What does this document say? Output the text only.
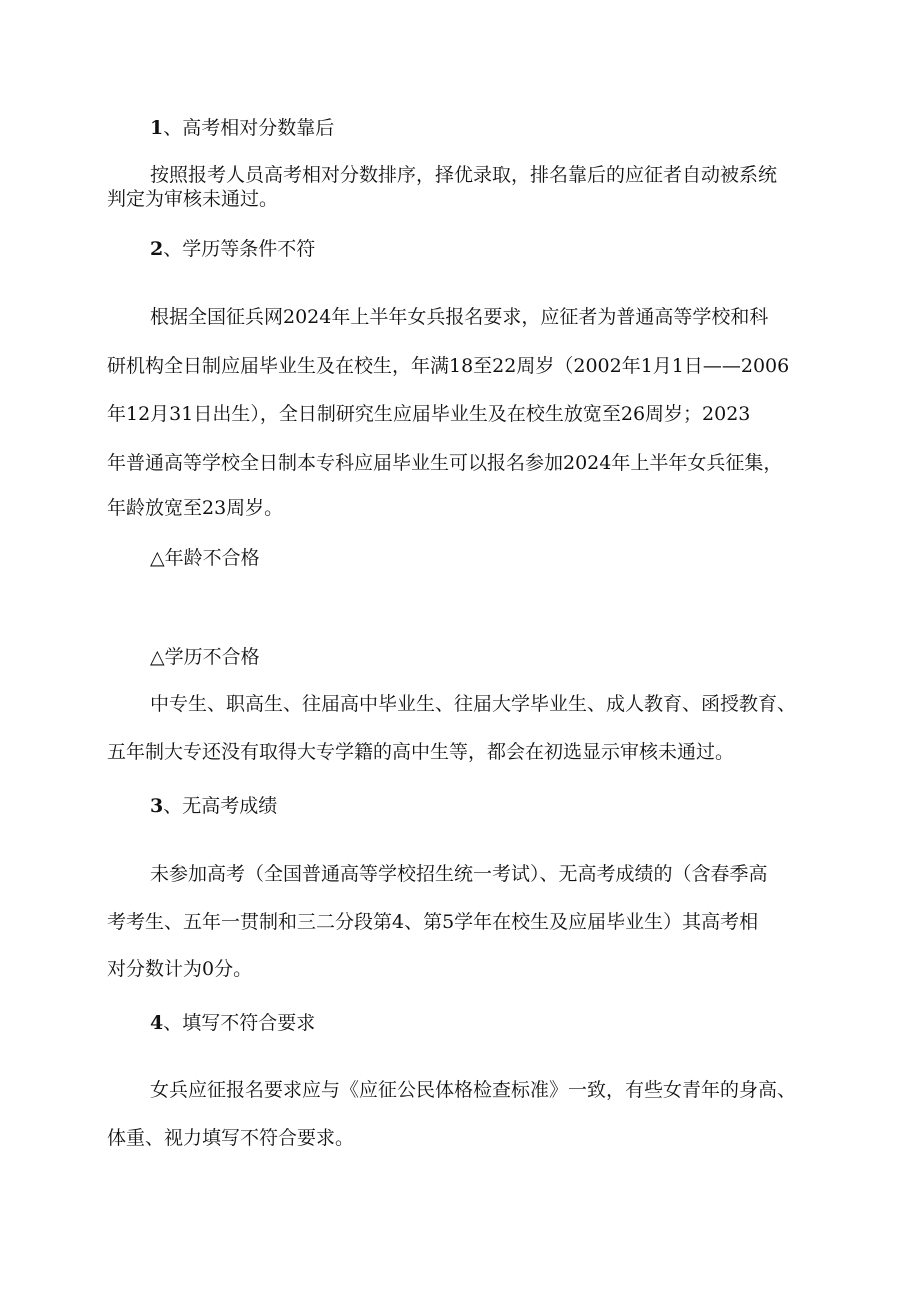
1、高考相对分数靠后

按照报考人员高考相对分数排序，择优录取，排名靠后的应征者自动被系统

判定为审核未通过。

2、学历等条件不符

根据全国征兵网2024年上半年女兵报名要求，应征者为普通高等学校和科

研机构全日制应届毕业生及在校生，年满18至22周岁（2002年1月1日——2006

年12月31日出生），全日制研究生应届毕业生及在校生放宽至26周岁；2023

年普通高等学校全日制本专科应届毕业生可以报名参加2024年上半年女兵征集，

年龄放宽至23周岁。

△年龄不合格

△学历不合格

中专生、职高生、往届高中毕业生、往届大学毕业生、成人教育、函授教育、

五年制大专还没有取得大专学籍的高中生等，都会在初选显示审核未通过。

3、无高考成绩

未参加高考（全国普通高等学校招生统一考试）、无高考成绩的（含春季高

考考生、五年一贯制和三二分段第4、第5学年在校生及应届毕业生）其高考相

对分数计为0分。

4、填写不符合要求

女兵应征报名要求应与《应征公民体格检查标准》一致，有些女青年的身高、

体重、视力填写不符合要求。
